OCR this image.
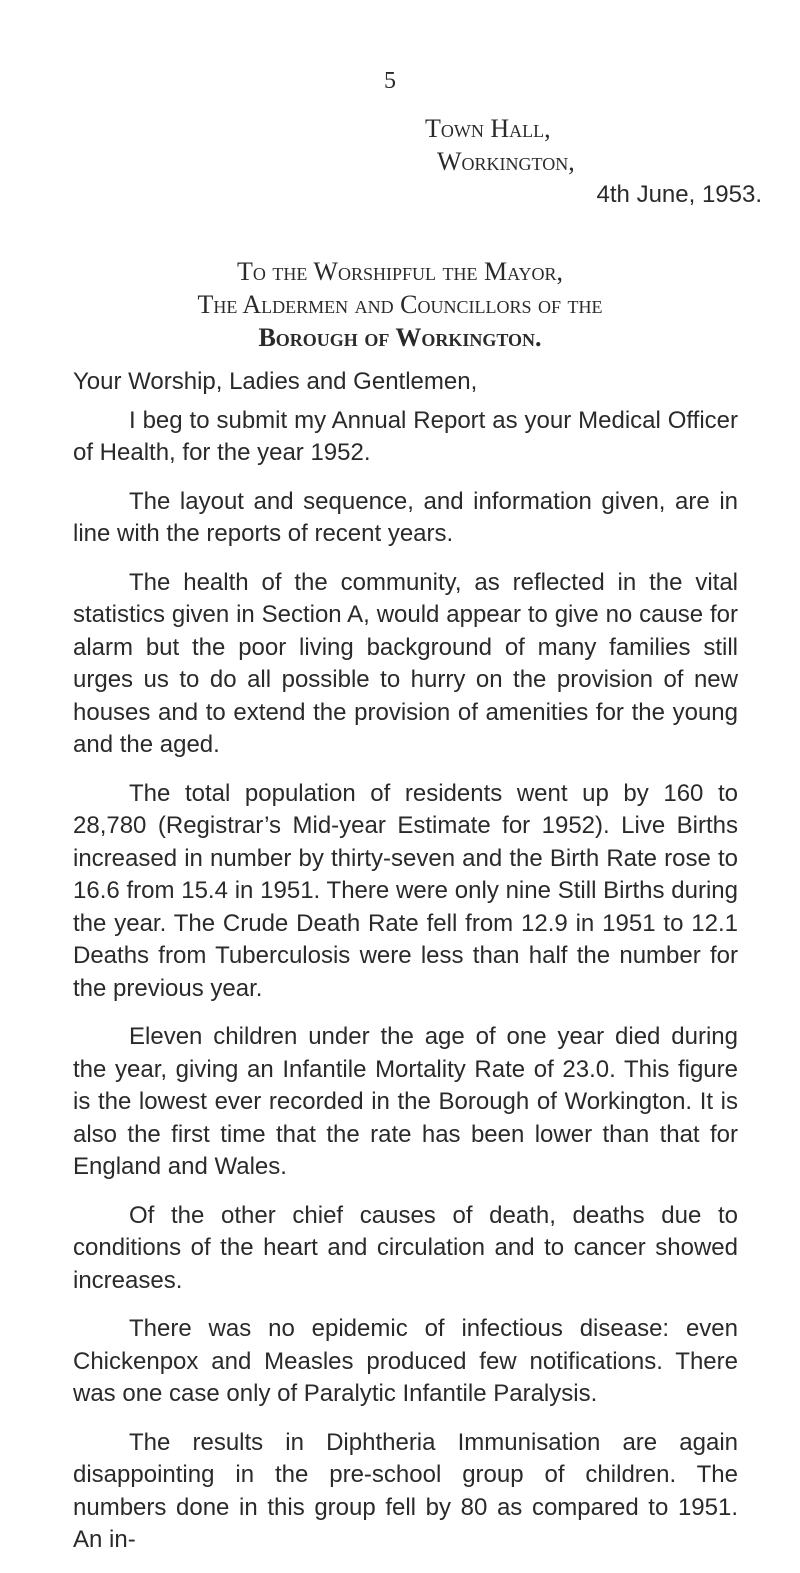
5
Town Hall,
Workington,
4th June, 1953.
To the Worshipful the Mayor,
The Aldermen and Councillors of the
Borough of Workington.

Your Worship, Ladies and Gentlemen,

I beg to submit my Annual Report as your Medical Officer of Health, for the year 1952.

The layout and sequence, and information given, are in line with the reports of recent years.

The health of the community, as reflected in the vital statistics given in Section A, would appear to give no cause for alarm but the poor living background of many families still urges us to do all possible to hurry on the provision of new houses and to extend the provision of amenities for the young and the aged.

The total population of residents went up by 160 to 28,780 (Registrar’s Mid-year Estimate for 1952). Live Births increased in number by thirty-seven and the Birth Rate rose to 16.6 from 15.4 in 1951. There were only nine Still Births during the year. The Crude Death Rate fell from 12.9 in 1951 to 12.1 Deaths from Tuberculosis were less than half the number for the previous year.

Eleven children under the age of one year died during the year, giving an Infantile Mortality Rate of 23.0. This figure is the lowest ever recorded in the Borough of Workington. It is also the first time that the rate has been lower than that for England and Wales.

Of the other chief causes of death, deaths due to conditions of the heart and circulation and to cancer showed increases.

There was no epidemic of infectious disease: even Chickenpox and Measles produced few notifications. There was one case only of Paralytic Infantile Paralysis.

The results in Diphtheria Immunisation are again disappointing in the pre-school group of children. The numbers done in this group fell by 80 as compared to 1951. An in-
